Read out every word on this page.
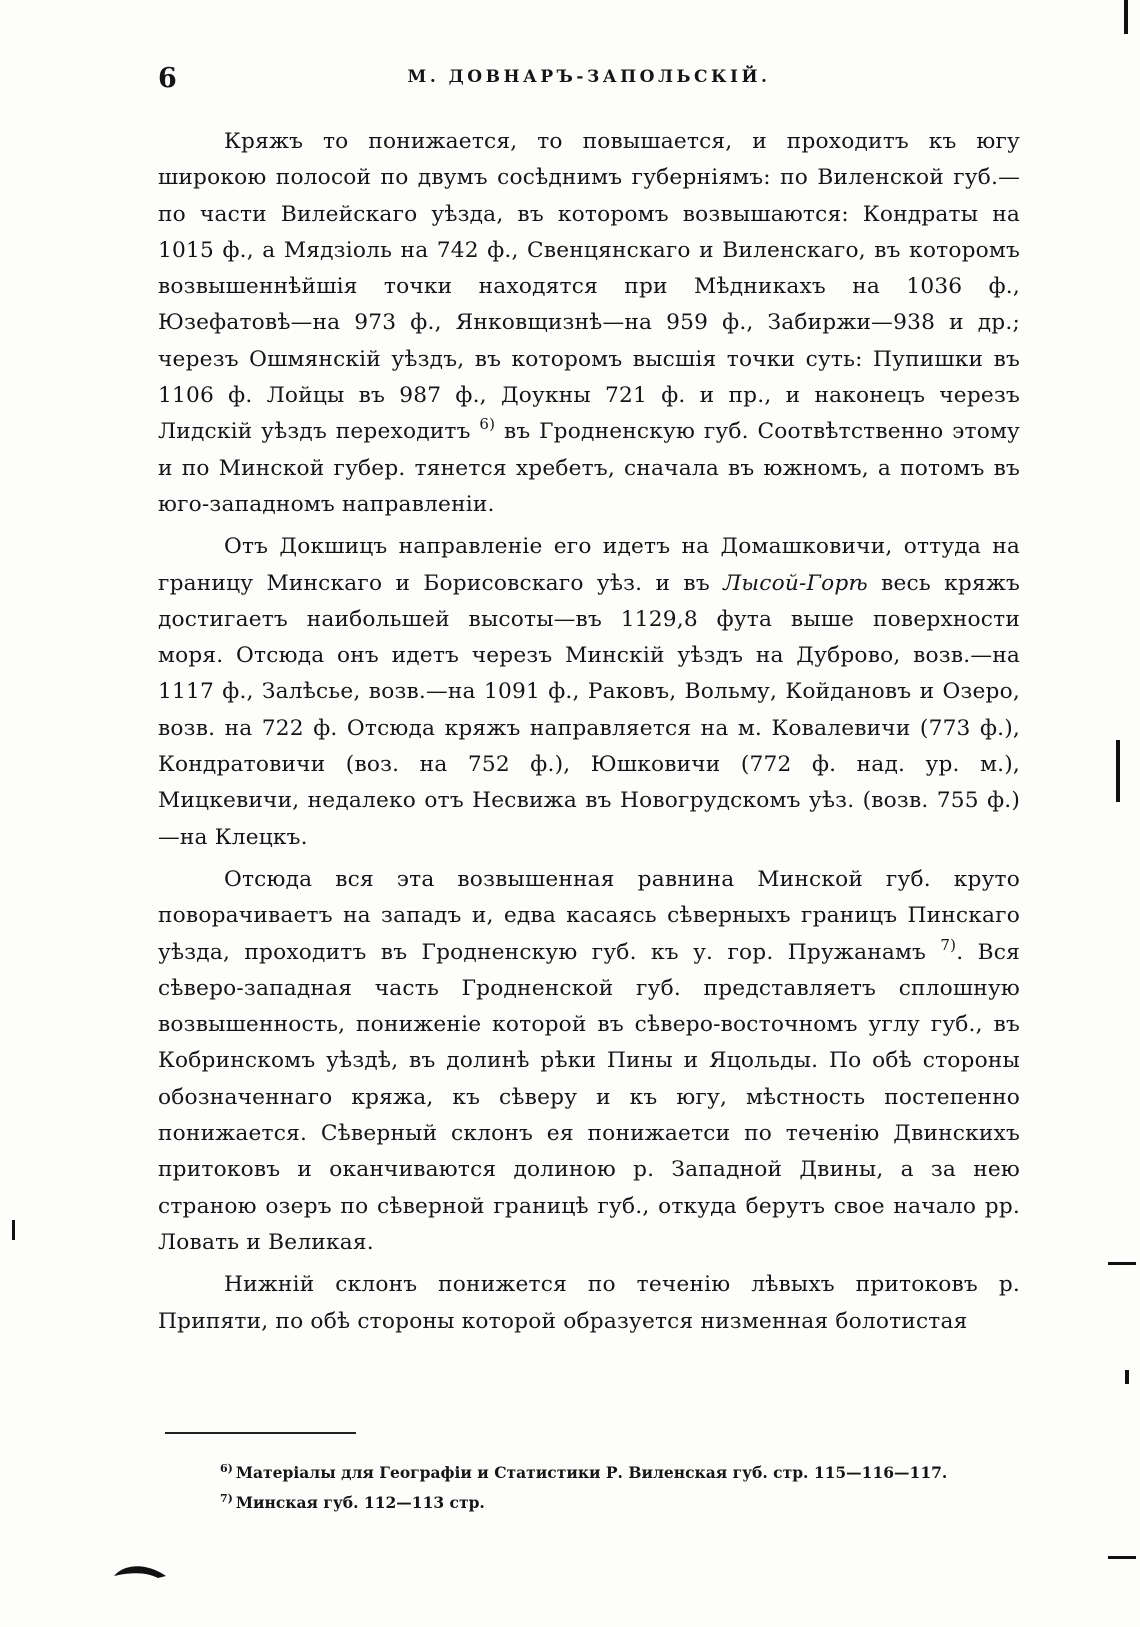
6	М. ДОВНАРЪ-ЗАПОЛЬСКІЙ.

Кряжъ то понижается, то повышается, и проходитъ къ югу широкою полосой по двумъ сосѣднимъ губерніямъ: по Виленской губ.—по части Вилейскаго уѣзда, въ которомъ возвышаются: Кондраты на 1015 ф., а Мядзіоль на 742 ф., Свенцянскаго и Виленскаго, въ которомъ возвышеннѣйшія точки находятся при Мѣдникахъ на 1036 ф., Юзефатовѣ—на 973 ф., Янковщизнѣ—на 959 ф., Забиржи—938 и др.; черезъ Ошмянскій уѣздъ, въ которомъ высшія точки суть: Пупишки въ 1106 ф. Лойцы въ 987 ф., Доукны 721 ф. и пр., и наконецъ черезъ Лидскій уѣздъ переходитъ $^{6)}$ въ Гродненскую губ. Соотвѣтственно этому и по Минской губер. тянется хребетъ, сначала въ южномъ, а потомъ въ юго-западномъ направленіи.

Отъ Докшицъ направленіе его идетъ на Домашковичи, оттуда на границу Минскаго и Борисовскаго уѣз. и въ Лысой-Горѣ весь кряжъ достигаетъ наибольшей высоты—въ 1129,8 фута выше поверхности моря. Отсюда онъ идетъ черезъ Минскій уѣздъ на Дуброво, возв.—на 1117 ф., Залѣсье, возв.—на 1091 ф., Раковъ, Вольму, Койдановъ и Озеро, возв. на 722 ф. Отсюда кряжъ направляется на м. Ковалевичи (773 ф.), Кондратовичи (воз. на 752 ф.), Юшковичи (772 ф. над. ур. м.), Мицкевичи, недалеко отъ Несвижа въ Новогрудскомъ уѣз. (возв. 755 ф.)—на Клецкъ.

Отсюда вся эта возвышенная равнина Минской губ. круто поворачиваетъ на западъ и, едва касаясь сѣверныхъ границъ Пинскаго уѣзда, проходитъ въ Гродненскую губ. къ у. гор. Пружанамъ $^{7)}$. Вся сѣверо-западная часть Гродненской губ. представляетъ сплошную возвышенность, пониженіе которой въ сѣверо-восточномъ углу губ., въ Кобринскомъ уѣздѣ, въ долинѣ рѣки Пины и Яцольды. По обѣ стороны обозначеннаго кряжа, къ сѣверу и къ югу, мѣстность постепенно понижается. Сѣверный склонъ ея понижаетси по теченію Двинскихъ притоковъ и оканчиваются долиною р. Западной Двины, а за нею страною озеръ по сѣверной границѣ губ., откуда берутъ свое начало рр. Ловать и Великая.

Нижній склонъ понижется по теченію лѣвыхъ притоковъ р. Припяти, по обѣ стороны которой образуется низменная болотистая

$^{6)}$ Матеріалы для Географіи и Статистики Р. Виленская губ. стр. 115—116—117.
$^{7)}$ Минская губ. 112—113 стр.
